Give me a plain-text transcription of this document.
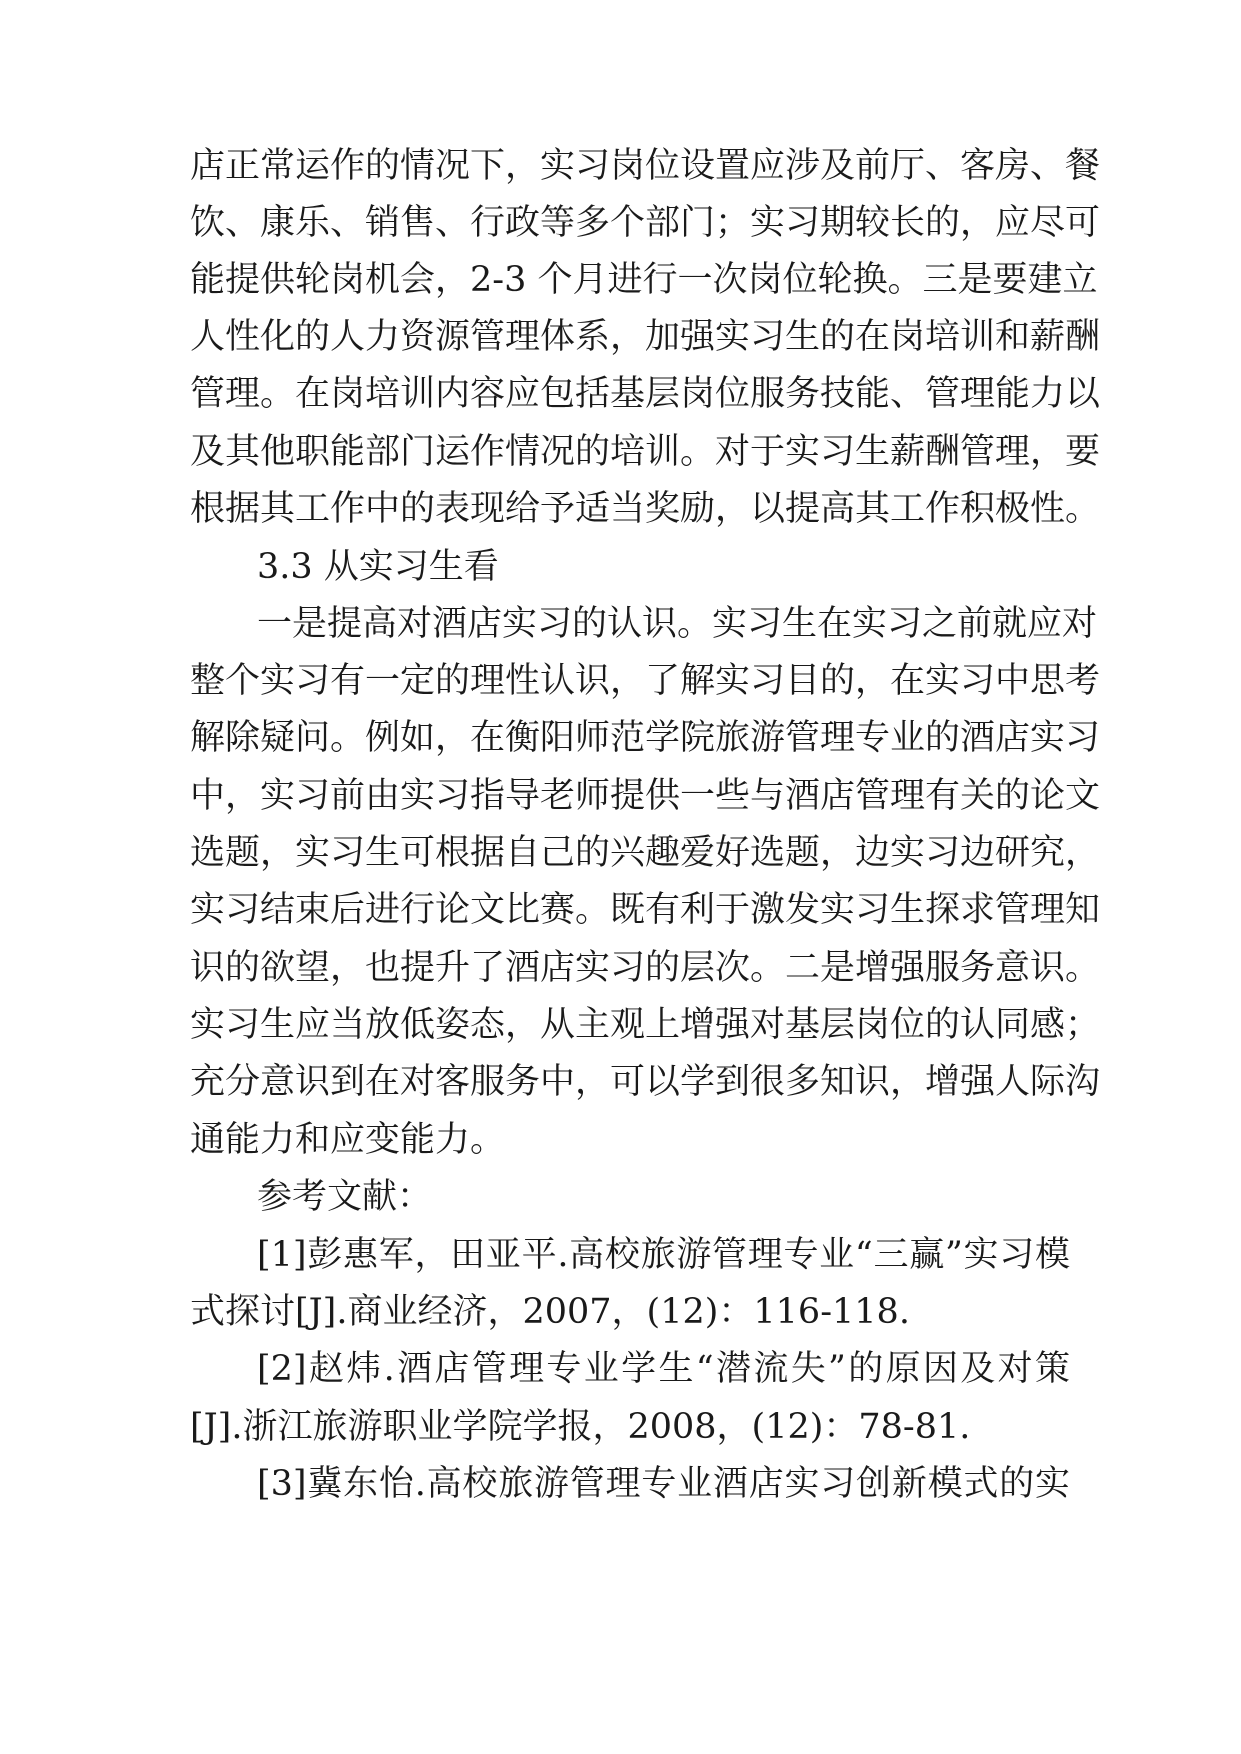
店正常运作的情况下，实习岗位设置应涉及前厅、客房、餐
饮、康乐、销售、行政等多个部门；实习期较长的，应尽可
能提供轮岗机会，2-3 个月进行一次岗位轮换。三是要建立
人性化的人力资源管理体系，加强实习生的在岗培训和薪酬
管理。在岗培训内容应包括基层岗位服务技能、管理能力以
及其他职能部门运作情况的培训。对于实习生薪酬管理，要
根据其工作中的表现给予适当奖励，以提高其工作积极性。
3.3 从实习生看
一是提高对酒店实习的认识。实习生在实习之前就应对
整个实习有一定的理性认识，了解实习目的，在实习中思考
解除疑问。例如，在衡阳师范学院旅游管理专业的酒店实习
中，实习前由实习指导老师提供一些与酒店管理有关的论文
选题，实习生可根据自己的兴趣爱好选题，边实习边研究，
实习结束后进行论文比赛。既有利于激发实习生探求管理知
识的欲望，也提升了酒店实习的层次。二是增强服务意识。
实习生应当放低姿态，从主观上增强对基层岗位的认同感；
充分意识到在对客服务中，可以学到很多知识，增强人际沟
通能力和应变能力。
参考文献：
[1]彭惠军，田亚平.高校旅游管理专业“三赢”实习模
式探讨[J].商业经济，2007，(12)：116-118.
[2]赵炜.酒店管理专业学生“潜流失”的原因及对策
[J].浙江旅游职业学院学报，2008，(12)：78-81.
[3]冀东怡.高校旅游管理专业酒店实习创新模式的实
